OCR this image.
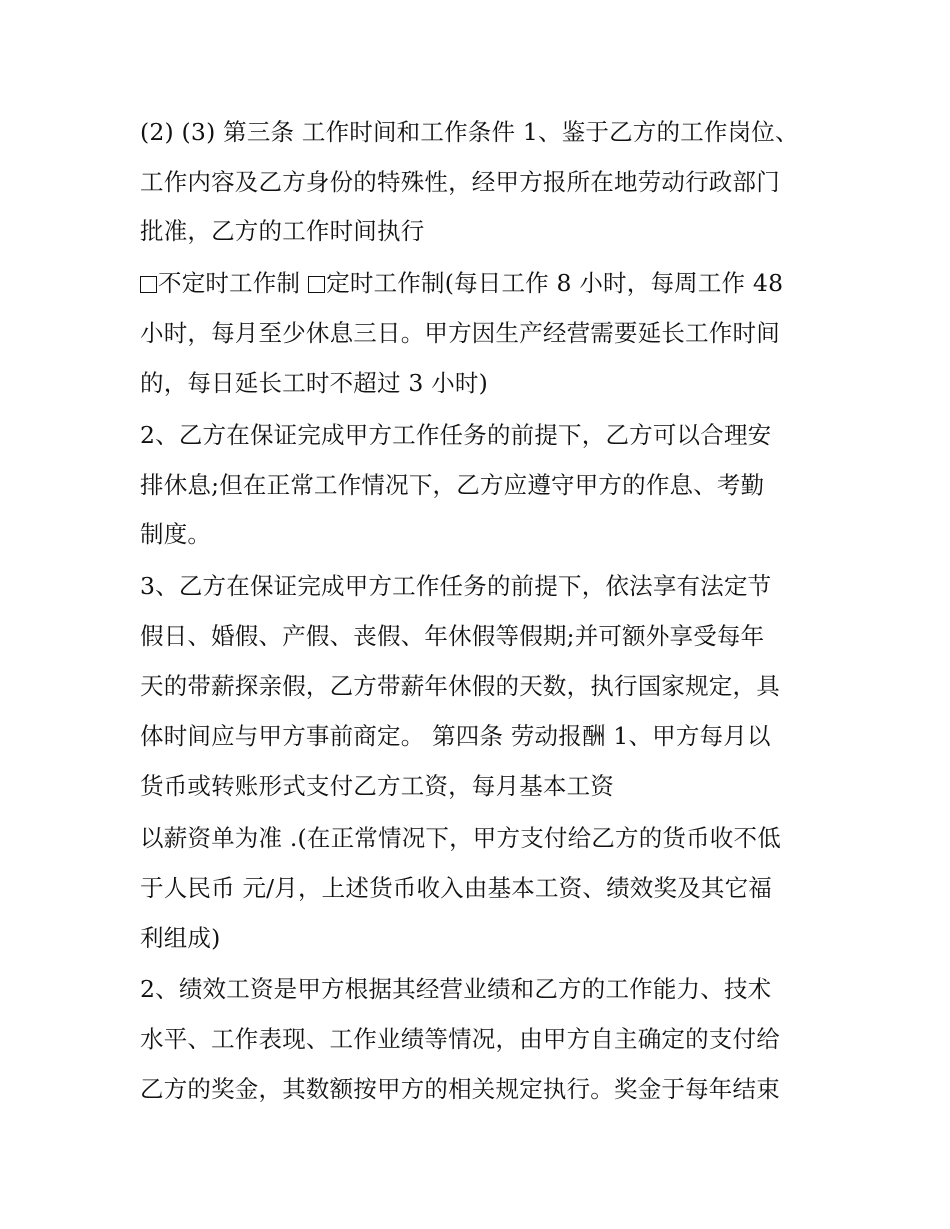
(2) (3) 第三条 工作时间和工作条件 1、鉴于乙方的工作岗位、
工作内容及乙方身份的特殊性，经甲方报所在地劳动行政部门
批准，乙方的工作时间执行
不定时工作制 定时工作制(每日工作 8 小时，每周工作 48
小时，每月至少休息三日。甲方因生产经营需要延长工作时间
的，每日延长工时不超过 3 小时)
2、乙方在保证完成甲方工作任务的前提下，乙方可以合理安
排休息;但在正常工作情况下，乙方应遵守甲方的作息、考勤
制度。
3、乙方在保证完成甲方工作任务的前提下，依法享有法定节
假日、婚假、产假、丧假、年休假等假期;并可额外享受每年
天的带薪探亲假，乙方带薪年休假的天数，执行国家规定，具
体时间应与甲方事前商定。 第四条 劳动报酬 1、甲方每月以
货币或转账形式支付乙方工资，每月基本工资
以薪资单为准 .(在正常情况下，甲方支付给乙方的货币收不低
于人民币 元/月，上述货币收入由基本工资、绩效奖及其它福
利组成)
2、绩效工资是甲方根据其经营业绩和乙方的工作能力、技术
水平、工作表现、工作业绩等情况，由甲方自主确定的支付给
乙方的奖金，其数额按甲方的相关规定执行。奖金于每年结束
